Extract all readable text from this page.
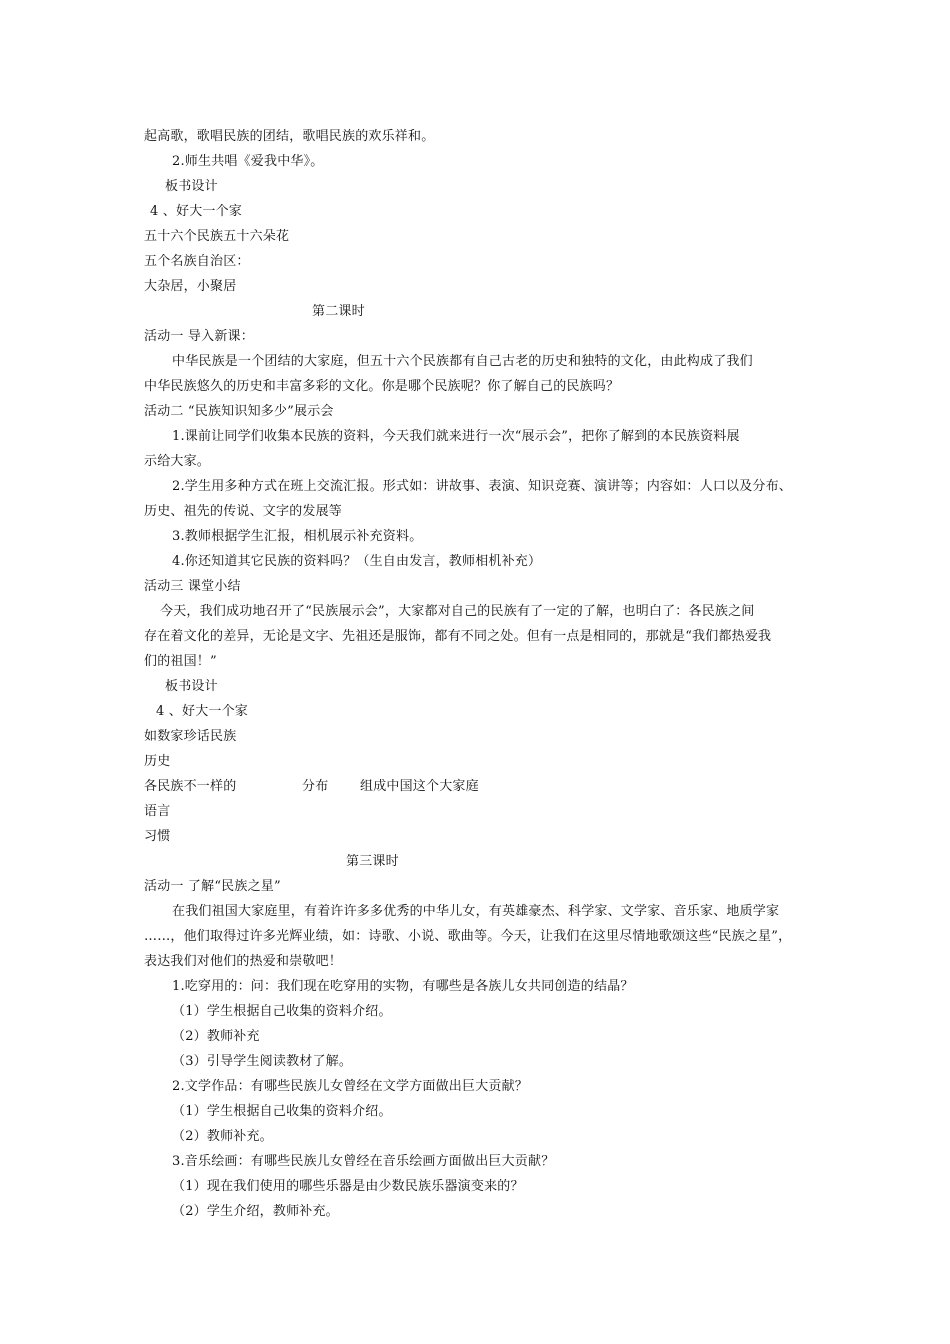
起高歌，歌唱民族的团结，歌唱民族的欢乐祥和。
2.师生共唱《爱我中华》。
板书设计
4 、好大一个家
五十六个民族五十六朵花
五个名族自治区：
大杂居，小聚居
第二课时
活动一 导入新课：
中华民族是一个团结的大家庭，但五十六个民族都有自己古老的历史和独特的文化，由此构成了我们
中华民族悠久的历史和丰富多彩的文化。你是哪个民族呢？你了解自己的民族吗？
活动二 “民族知识知多少”展示会
1.课前让同学们收集本民族的资料，今天我们就来进行一次“展示会”，把你了解到的本民族资料展
示给大家。
2.学生用多种方式在班上交流汇报。形式如：讲故事、表演、知识竞赛、演讲等；内容如：人口以及分布、
历史、祖先的传说、文字的发展等
3.教师根据学生汇报，相机展示补充资料。
4.你还知道其它民族的资料吗？（生自由发言，教师相机补充）
活动三 课堂小结
今天，我们成功地召开了“民族展示会”，大家都对自己的民族有了一定的了解，也明白了：各民族之间
存在着文化的差异，无论是文字、先祖还是服饰，都有不同之处。但有一点是相同的，那就是“我们都热爱我
们的祖国！”
板书设计
4 、好大一个家
如数家珍话民族
历史
各民族不一样的	分布 组成中国这个大家庭
语言
习惯
第三课时
活动一 了解“民族之星”
在我们祖国大家庭里，有着许许多多优秀的中华儿女，有英雄豪杰、科学家、文学家、音乐家、地质学家
……，他们取得过许多光辉业绩，如：诗歌、小说、歌曲等。今天，让我们在这里尽情地歌颂这些“民族之星”，
表达我们对他们的热爱和崇敬吧！
1.吃穿用的：问：我们现在吃穿用的实物，有哪些是各族儿女共同创造的结晶？
（1）学生根据自己收集的资料介绍。
（2）教师补充
（3）引导学生阅读教材了解。
2.文学作品：有哪些民族儿女曾经在文学方面做出巨大贡献？
（1）学生根据自己收集的资料介绍。
（2）教师补充。
3.音乐绘画：有哪些民族儿女曾经在音乐绘画方面做出巨大贡献？
（1）现在我们使用的哪些乐器是由少数民族乐器演变来的？
（2）学生介绍，教师补充。
